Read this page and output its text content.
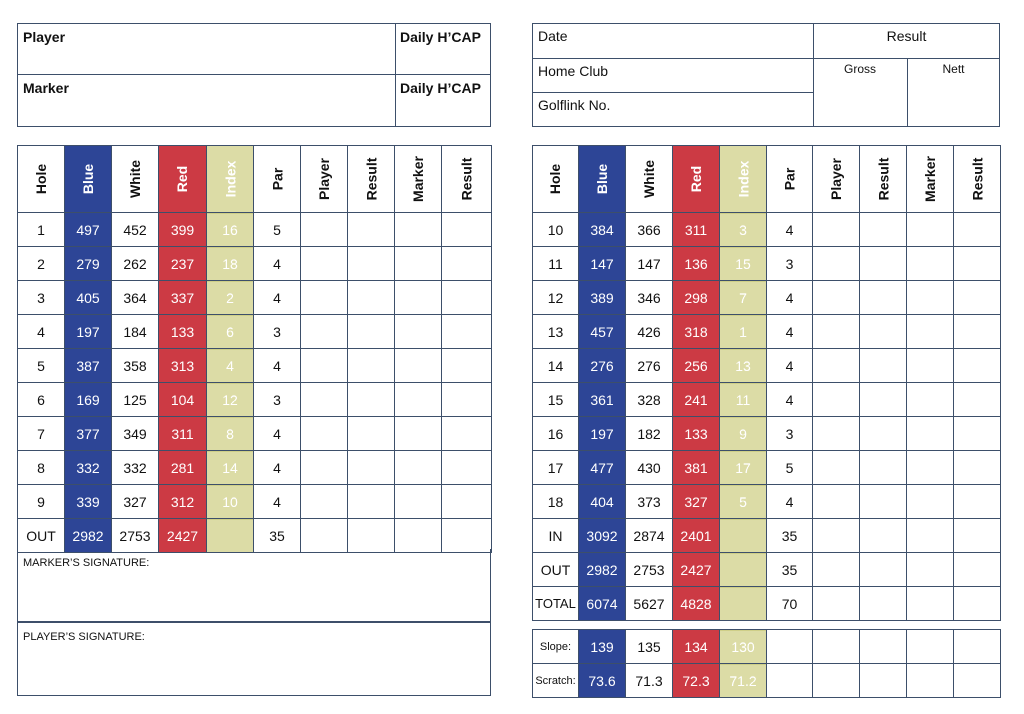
Player	Daily H’CAP
Marker	Daily H’CAP
Date
Home Club
Golflink No.
Result
Gross	Nett
Hole	Blue	White	Red	Index	Par	Player	Result	Marker	Result
1	497	452	399	16	5				
2	279	262	237	18	4				
3	405	364	337	2	4				
4	197	184	133	6	3				
5	387	358	313	4	4				
6	169	125	104	12	3				
7	377	349	311	8	4				
8	332	332	281	14	4				
9	339	327	312	10	4				
OUT	2982	2753	2427		35				
MARKER’S SIGNATURE:
PLAYER’S SIGNATURE:
Hole	Blue	White	Red	Index	Par	Player	Result	Marker	Result
10	384	366	311	3	4				
11	147	147	136	15	3				
12	389	346	298	7	4				
13	457	426	318	1	4				
14	276	276	256	13	4				
15	361	328	241	11	4				
16	197	182	133	9	3				
17	477	430	381	17	5				
18	404	373	327	5	4				
IN	3092	2874	2401		35				
OUT	2982	2753	2427		35				
TOTAL	6074	5627	4828		70				
Slope:	139	135	134	130					
Scratch:	73.6	71.3	72.3	71.2					
